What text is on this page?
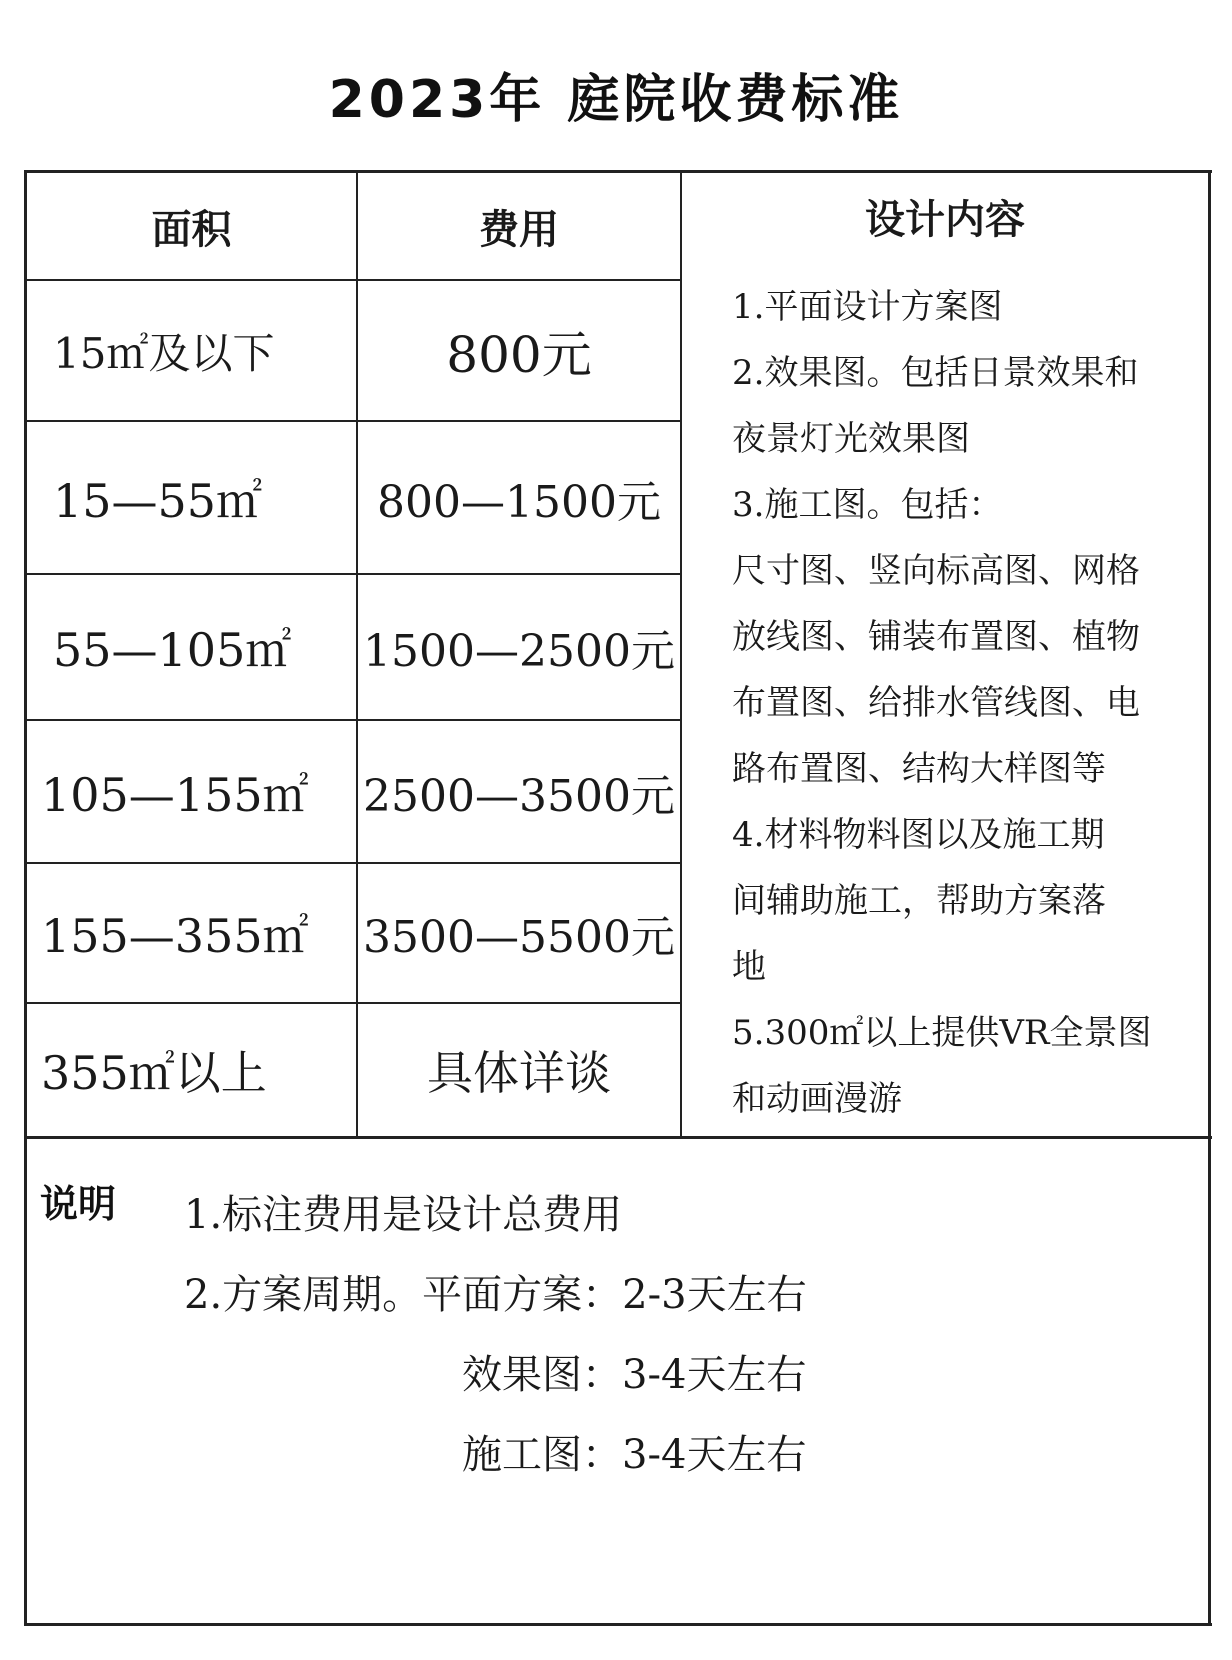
2023年 庭院收费标准
面积	费用	设计内容
15㎡及以下	800元
15—55㎡	800—1500元
55—105㎡	1500—2500元
105—155㎡	2500—3500元
155—355㎡	3500—5500元
355㎡以上	具体详谈
1.平面设计方案图
2.效果图。包括日景效果和
夜景灯光效果图
3.施工图。包括：
尺寸图、竖向标高图、网格
放线图、铺装布置图、植物
布置图、给排水管线图、电
路布置图、结构大样图等
4.材料物料图以及施工期
间辅助施工，帮助方案落
地
5.300㎡以上提供VR全景图
和动画漫游
说明 1.标注费用是设计总费用
2.方案周期。平面方案：2-3天左右
效果图：3-4天左右
施工图：3-4天左右
